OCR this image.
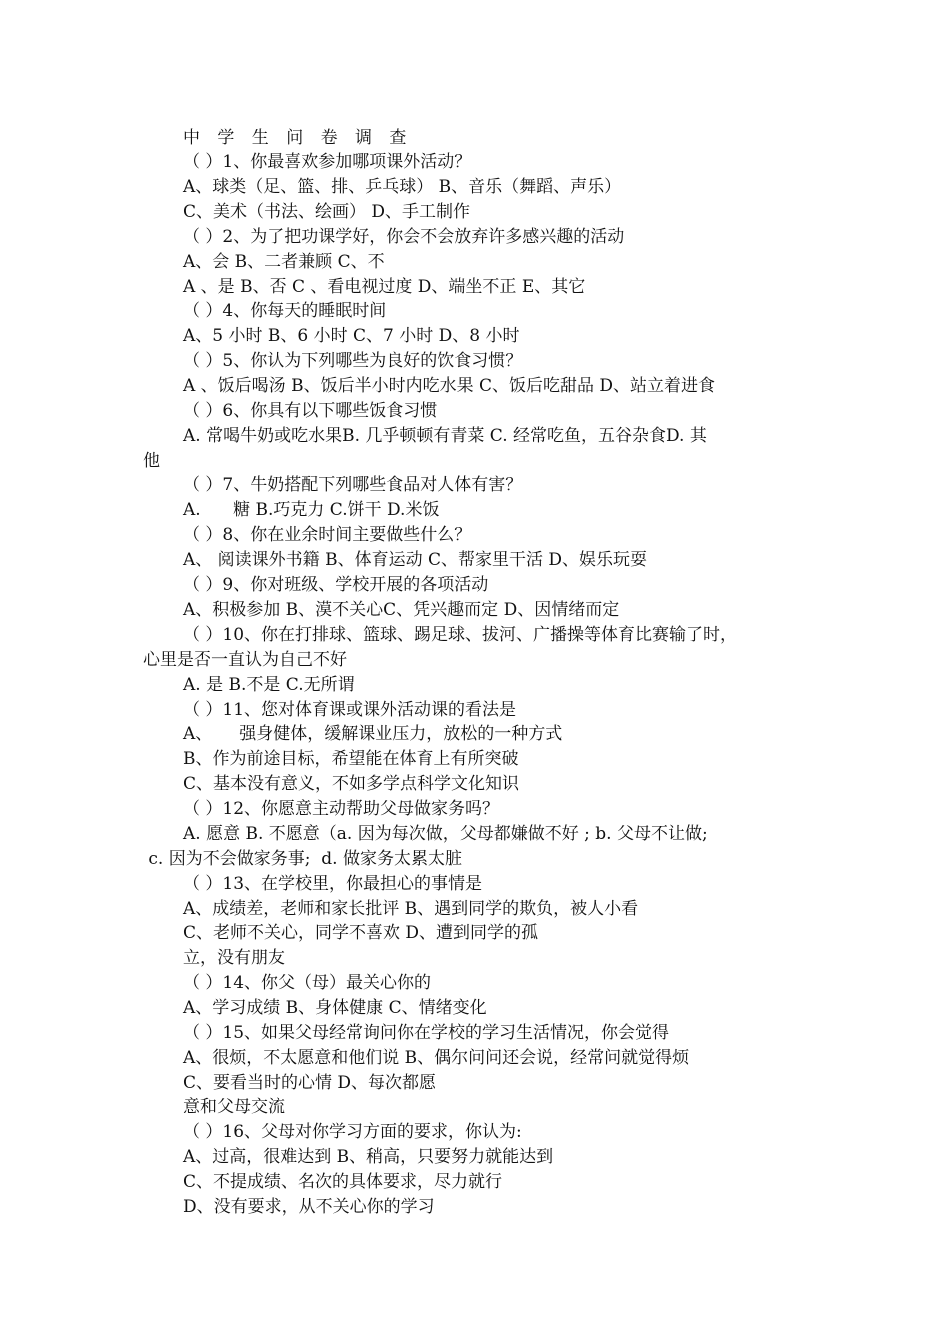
中 学 生 问 卷 调 查
（ ）1、你最喜欢参加哪项课外活动？
A、球类（足、篮、排、乒乓球） B、音乐（舞蹈、声乐）
C、美术（书法、绘画） D、手工制作
（ ）2、为了把功课学好，你会不会放弃许多感兴趣的活动
A、会 B、二者兼顾 C、不
A 、是 B、否 C 、看电视过度 D、端坐不正 E、其它
（ ）4、你每天的睡眠时间
A、5 小时 B、6 小时 C、7 小时 D、8 小时
（ ）5、你认为下列哪些为良好的饮食习惯？
A 、饭后喝汤 B、饭后半小时内吃水果 C、饭后吃甜品 D、站立着进食
（ ）6、你具有以下哪些饭食习惯
A. 常喝牛奶或吃水果B. 几乎顿顿有青菜 C. 经常吃鱼，五谷杂食D. 其
他
（ ）7、牛奶搭配下列哪些食品对人体有害？
A.      糖 B.巧克力 C.饼干 D.米饭
（ ）8、你在业余时间主要做些什么？
A、 阅读课外书籍 B、体育运动 C、帮家里干活 D、娱乐玩耍
（ ）9、你对班级、学校开展的各项活动
A、积极参加 B、漠不关心C、凭兴趣而定 D、因情绪而定
（ ）10、你在打排球、篮球、踢足球、拔河、广播操等体育比赛输了时，
心里是否一直认为自己不好
A. 是 B.不是 C.无所谓
（ ）11、您对体育课或课外活动课的看法是
A、     强身健体，缓解课业压力，放松的一种方式
B、作为前途目标，希望能在体育上有所突破
C、基本没有意义，不如多学点科学文化知识
（ ）12、你愿意主动帮助父母做家务吗？
A. 愿意 B. 不愿意（a. 因为每次做，父母都嫌做不好 ; b. 父母不让做;
c. 因为不会做家务事;  d. 做家务太累太脏
（ ）13、在学校里，你最担心的事情是
A、成绩差，老师和家长批评 B、遇到同学的欺负，被人小看
C、老师不关心，同学不喜欢 D、遭到同学的孤
立，没有朋友
（ ）14、你父（母）最关心你的
A、学习成绩 B、身体健康 C、情绪变化
（ ）15、如果父母经常询问你在学校的学习生活情况，你会觉得
A、很烦，不太愿意和他们说 B、偶尔问问还会说，经常问就觉得烦
C、要看当时的心情 D、每次都愿
意和父母交流
（ ）16、父母对你学习方面的要求，你认为:
A、过高，很难达到 B、稍高，只要努力就能达到
C、不提成绩、名次的具体要求，尽力就行
D、没有要求，从不关心你的学习
